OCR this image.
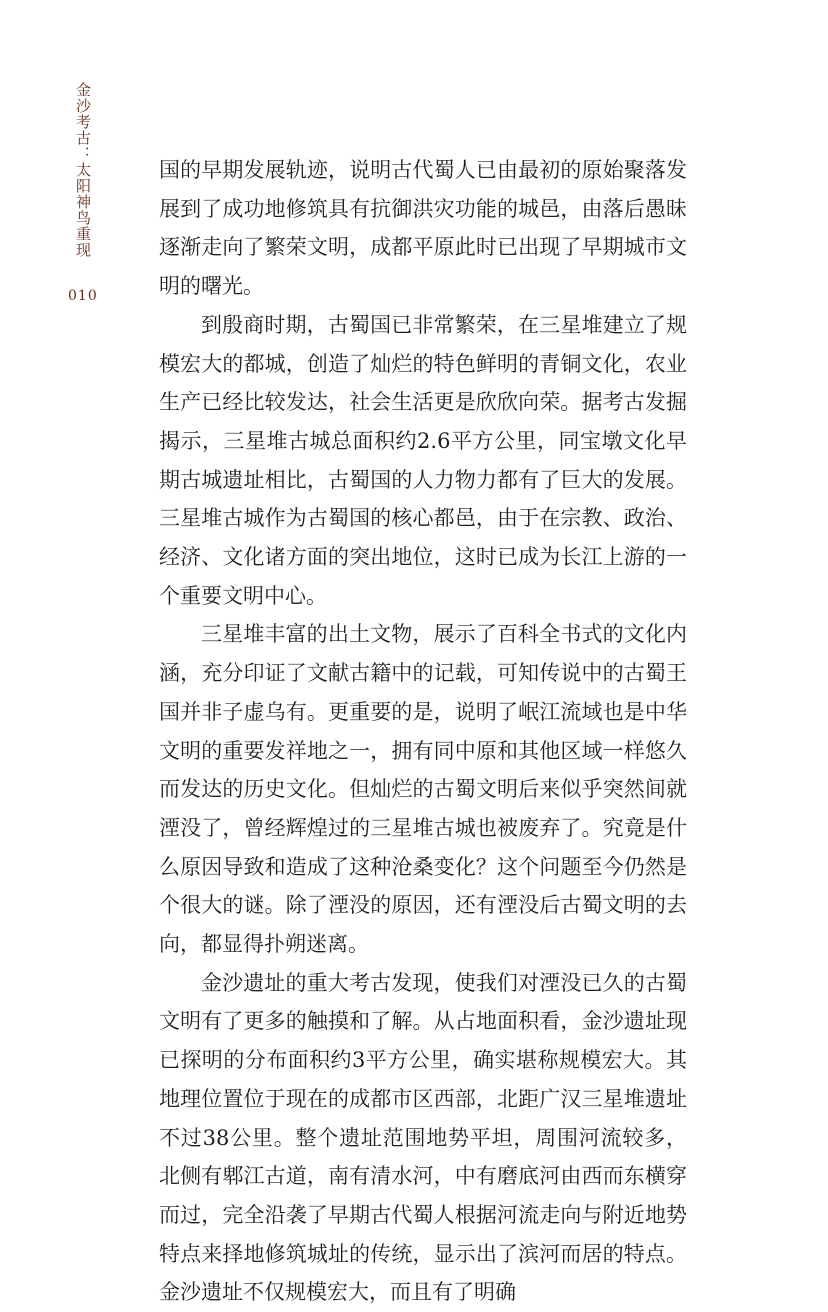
金沙考古：太阳神鸟重现
010

国的早期发展轨迹，说明古代蜀人已由最初的原始聚落发展到了成功地修筑具有抗御洪灾功能的城邑，由落后愚昧逐渐走向了繁荣文明，成都平原此时已出现了早期城市文明的曙光。

到殷商时期，古蜀国已非常繁荣，在三星堆建立了规模宏大的都城，创造了灿烂的特色鲜明的青铜文化，农业生产已经比较发达，社会生活更是欣欣向荣。据考古发掘揭示，三星堆古城总面积约2.6平方公里，同宝墩文化早期古城遗址相比，古蜀国的人力物力都有了巨大的发展。三星堆古城作为古蜀国的核心都邑，由于在宗教、政治、经济、文化诸方面的突出地位，这时已成为长江上游的一个重要文明中心。

三星堆丰富的出土文物，展示了百科全书式的文化内涵，充分印证了文献古籍中的记载，可知传说中的古蜀王国并非子虚乌有。更重要的是，说明了岷江流域也是中华文明的重要发祥地之一，拥有同中原和其他区域一样悠久而发达的历史文化。但灿烂的古蜀文明后来似乎突然间就湮没了，曾经辉煌过的三星堆古城也被废弃了。究竟是什么原因导致和造成了这种沧桑变化？这个问题至今仍然是个很大的谜。除了湮没的原因，还有湮没后古蜀文明的去向，都显得扑朔迷离。

金沙遗址的重大考古发现，使我们对湮没已久的古蜀文明有了更多的触摸和了解。从占地面积看，金沙遗址现已探明的分布面积约3平方公里，确实堪称规模宏大。其地理位置位于现在的成都市区西部，北距广汉三星堆遗址不过38公里。整个遗址范围地势平坦，周围河流较多，北侧有郫江古道，南有清水河，中有磨底河由西而东横穿而过，完全沿袭了早期古代蜀人根据河流走向与附近地势特点来择地修筑城址的传统，显示出了滨河而居的特点。金沙遗址不仅规模宏大，而且有了明确
